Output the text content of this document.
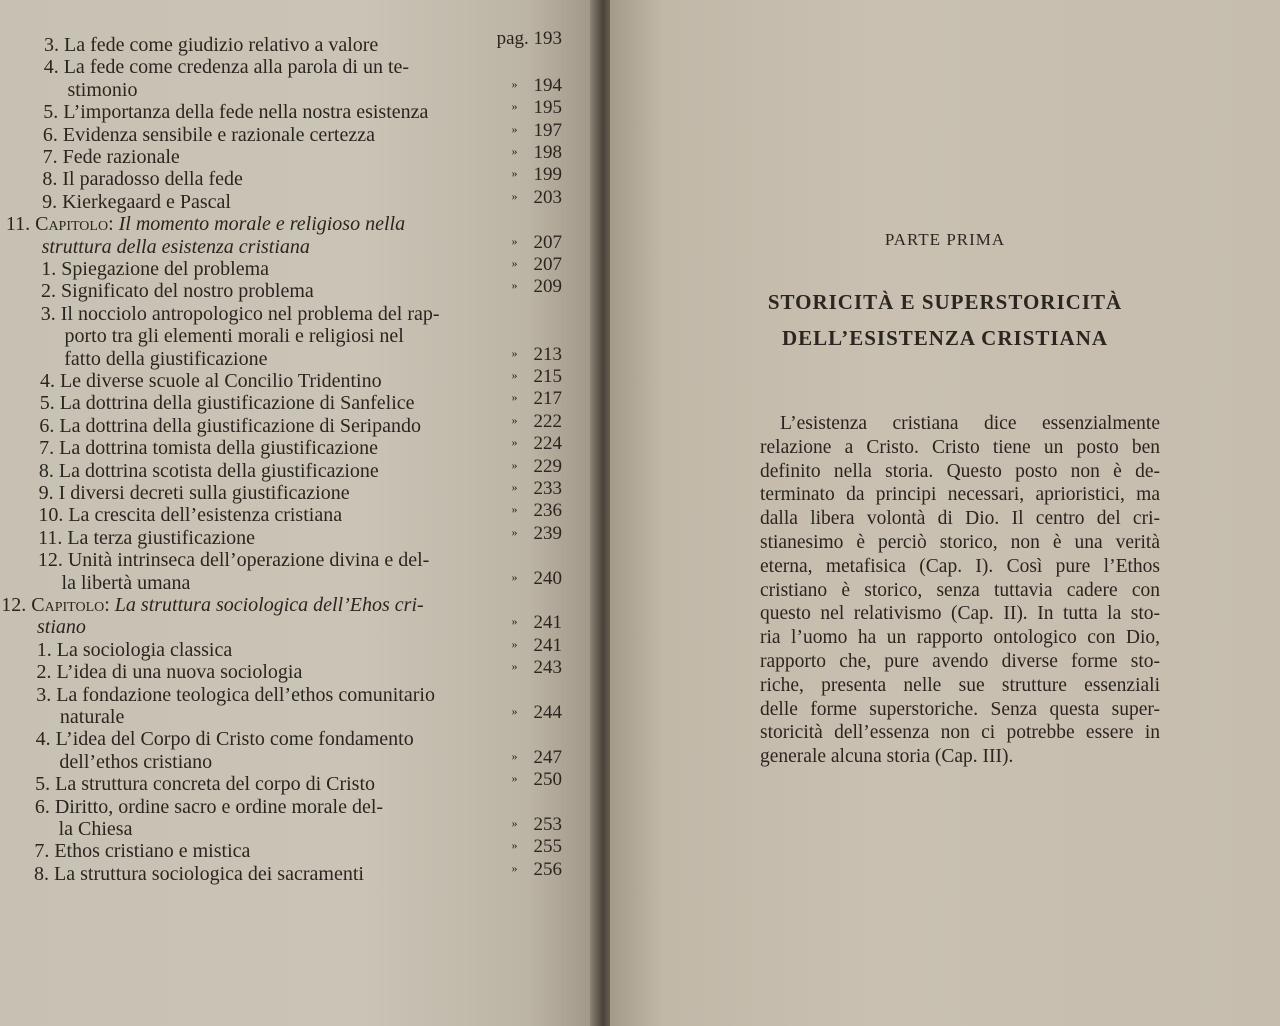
3. La fede come giudizio relativo a valore	pag. 193
4. La fede come credenza alla parola di un te-
stimonio	» 194
5. L’importanza della fede nella nostra esistenza	» 195
6. Evidenza sensibile e razionale certezza	» 197
7. Fede razionale	» 198
8. Il paradosso della fede	» 199
9. Kierkegaard e Pascal	» 203
11. Capitolo: Il momento morale e religioso nella
struttura della esistenza cristiana	» 207
1. Spiegazione del problema	» 207
2. Significato del nostro problema	» 209
3. Il nocciolo antropologico nel problema del rap-
porto tra gli elementi morali e religiosi nel
fatto della giustificazione	» 213
4. Le diverse scuole al Concilio Tridentino	» 215
5. La dottrina della giustificazione di Sanfelice	» 217
6. La dottrina della giustificazione di Seripando	» 222
7. La dottrina tomista della giustificazione	» 224
8. La dottrina scotista della giustificazione	» 229
9. I diversi decreti sulla giustificazione	» 233
10. La crescita dell’esistenza cristiana	» 236
11. La terza giustificazione	» 239
12. Unità intrinseca dell’operazione divina e del-
la libertà umana	» 240
12. Capitolo: La struttura sociologica dell’Ehos cri-
stiano	» 241
1. La sociologia classica	» 241
2. L’idea di una nuova sociologia	» 243
3. La fondazione teologica dell’ethos comunitario
naturale	» 244
4. L’idea del Corpo di Cristo come fondamento
dell’ethos cristiano	» 247
5. La struttura concreta del corpo di Cristo	» 250
6. Diritto, ordine sacro e ordine morale del-
la Chiesa	» 253
7. Ethos cristiano e mistica	» 255
8. La struttura sociologica dei sacramenti	» 256
PARTE PRIMA
STORICITÀ E SUPERSTORICITÀ
DELL’ESISTENZA CRISTIANA
L’esistenza cristiana dice essenzialmente
relazione a Cristo. Cristo tiene un posto ben
definito nella storia. Questo posto non è de-
terminato da principi necessari, aprioristici, ma
dalla libera volontà di Dio. Il centro del cri-
stianesimo è perciò storico, non è una verità
eterna, metafisica (Cap. I). Così pure l’Ethos
cristiano è storico, senza tuttavia cadere con
questo nel relativismo (Cap. II). In tutta la sto-
ria l’uomo ha un rapporto ontologico con Dio,
rapporto che, pure avendo diverse forme sto-
riche, presenta nelle sue strutture essenziali
delle forme superstoriche. Senza questa super-
storicità dell’essenza non ci potrebbe essere in
generale alcuna storia (Cap. III).
